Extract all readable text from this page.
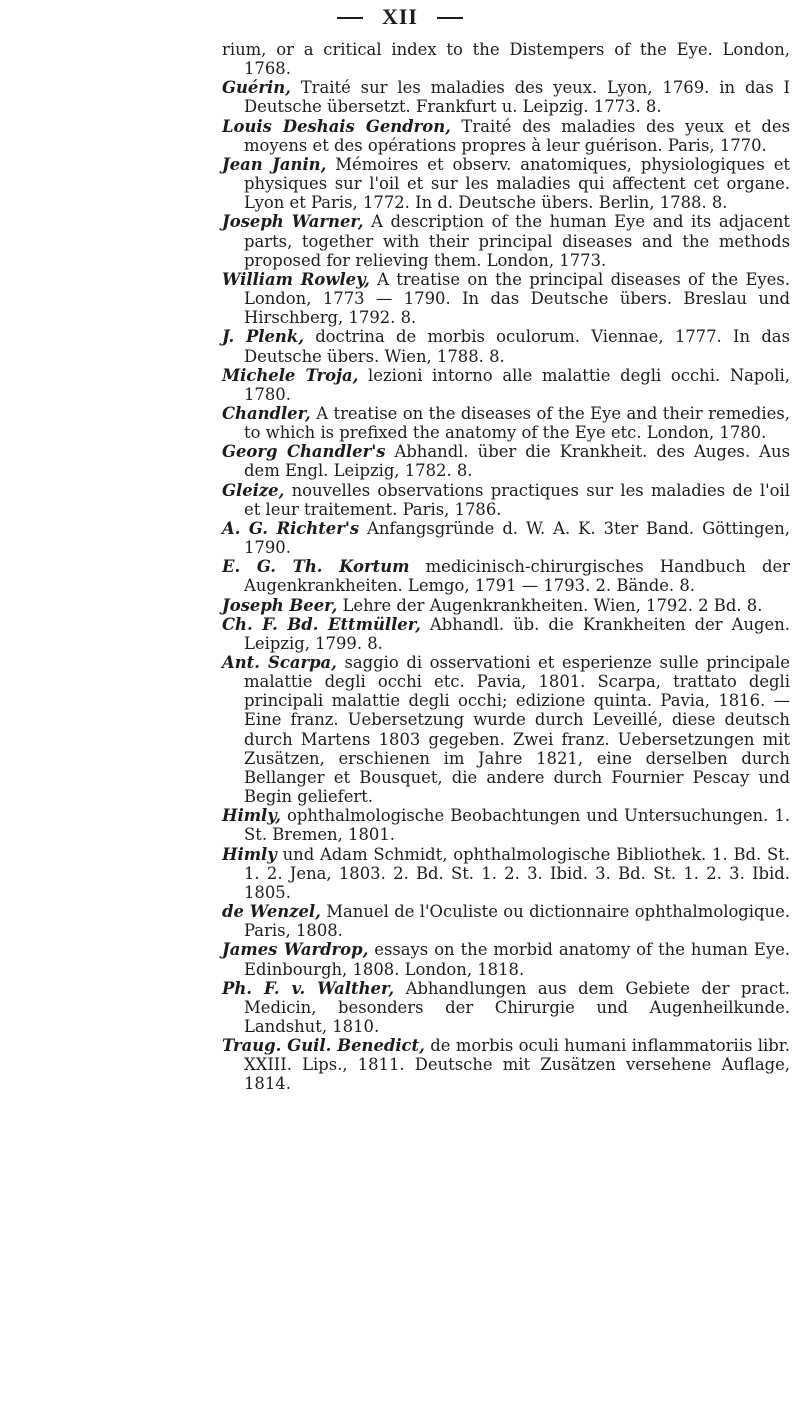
XII

rium, or a critical index to the Distempers of the Eye. London, 1768.

Guérin, Traité sur les maladies des yeux. Lyon, 1769. in das I Deutsche übersetzt. Frankfurt u. Leipzig. 1773. 8.

Louis Deshais Gendron, Traité des maladies des yeux et des moyens et des opérations propres à leur guérison. Paris, 1770.

Jean Janin, Mémoires et observ. anatomiques, physiologiques et physiques sur l'oil et sur les maladies qui affectent cet organe. Lyon et Paris, 1772. In d. Deutsche übers. Berlin, 1788. 8.

Joseph Warner, A description of the human Eye and its adjacent parts, together with their principal diseases and the methods proposed for relieving them. London, 1773.

William Rowley, A treatise on the principal diseases of the Eyes. London, 1773 — 1790. In das Deutsche übers. Breslau und Hirschberg, 1792. 8.

J. Plenk, doctrina de morbis oculorum. Viennae, 1777. In das Deutsche übers. Wien, 1788. 8.

Michele Troja, lezioni intorno alle malattie degli occhi. Napoli, 1780.

Chandler, A treatise on the diseases of the Eye and their remedies, to which is prefixed the anatomy of the Eye etc. London, 1780.

Georg Chandler's Abhandl. über die Krankheit. des Auges. Aus dem Engl. Leipzig, 1782. 8.

Gleize, nouvelles observations practiques sur les maladies de l'oil et leur traitement. Paris, 1786.

A. G. Richter's Anfangsgründe d. W. A. K. 3ter Band. Göttingen, 1790.

E. G. Th. Kortum medicinisch-chirurgisches Handbuch der Augenkrankheiten. Lemgo, 1791 — 1793. 2. Bände. 8.

Joseph Beer, Lehre der Augenkrankheiten. Wien, 1792. 2 Bd. 8.

Ch. F. Bd. Ettmüller, Abhandl. üb. die Krankheiten der Augen. Leipzig, 1799. 8.

Ant. Scarpa, saggio di osservationi et esperienze sulle principale malattie degli occhi etc. Pavia, 1801. Scarpa, trattato degli principali malattie degli occhi; edizione quinta. Pavia, 1816. — Eine franz. Uebersetzung wurde durch Leveillé, diese deutsch durch Martens 1803 gegeben. Zwei franz. Uebersetzungen mit Zusätzen, erschienen im Jahre 1821, eine derselben durch Bellanger et Bousquet, die andere durch Fournier Pescay und Begin geliefert.

Himly, ophthalmologische Beobachtungen und Untersuchungen. 1. St. Bremen, 1801.

Himly und Adam Schmidt, ophthalmologische Bibliothek. 1. Bd. St. 1. 2. Jena, 1803. 2. Bd. St. 1. 2. 3. Ibid. 3. Bd. St. 1. 2. 3. Ibid. 1805.

de Wenzel, Manuel de l'Oculiste ou dictionnaire ophthalmologique. Paris, 1808.

James Wardrop, essays on the morbid anatomy of the human Eye. Edinbourgh, 1808. London, 1818.

Ph. F. v. Walther, Abhandlungen aus dem Gebiete der pract. Medicin, besonders der Chirurgie und Augenheilkunde. Landshut, 1810.

Traug. Guil. Benedict, de morbis oculi humani inflammatoriis libr. XXIII. Lips., 1811. Deutsche mit Zusätzen versehene Auflage, 1814.
